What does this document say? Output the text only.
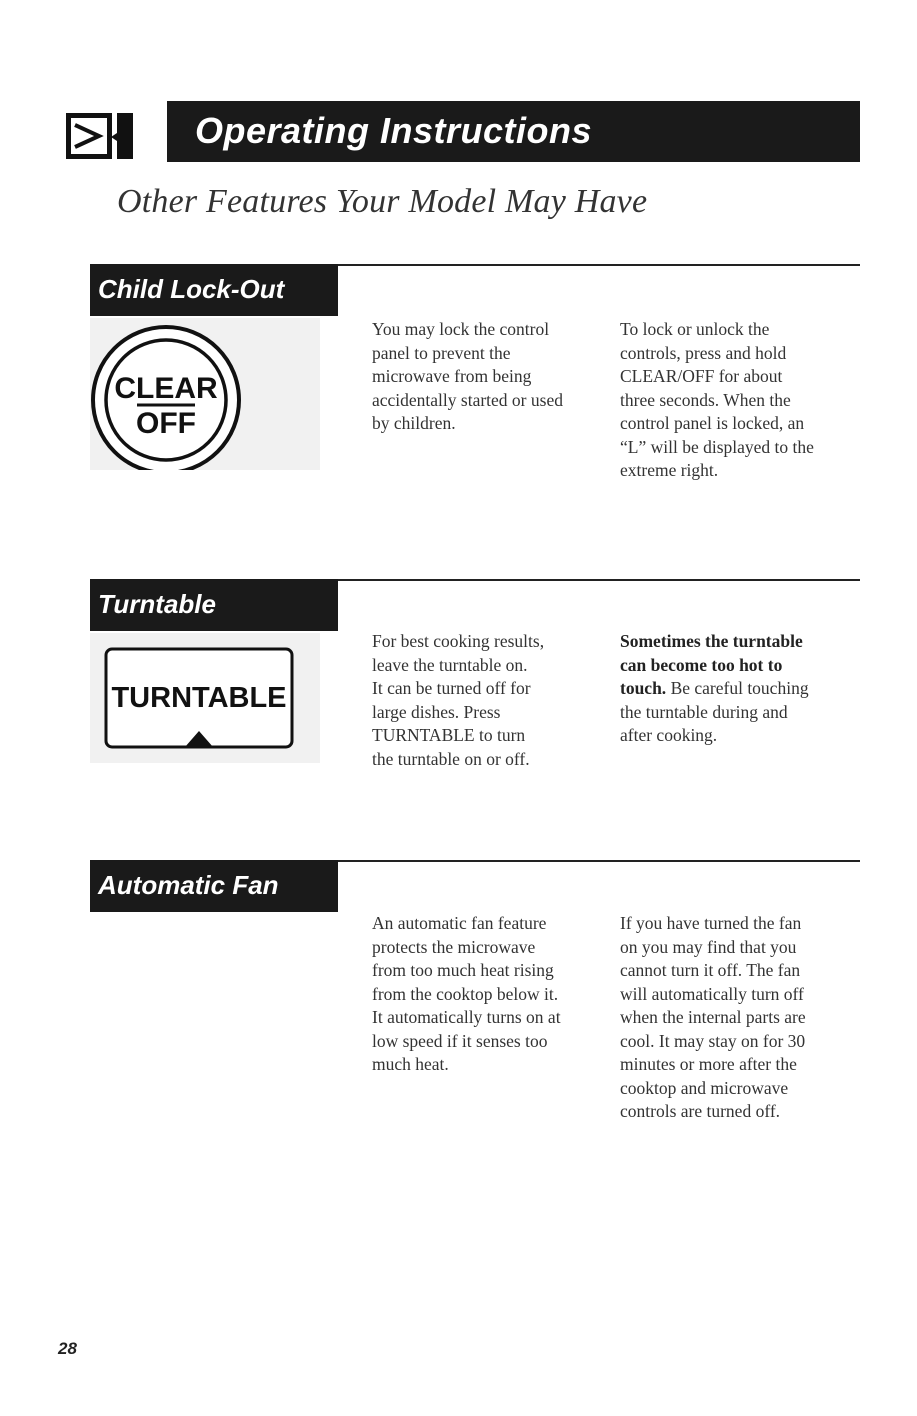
Operating Instructions
Other Features Your Model May Have
Child Lock-Out
CLEAR
OFF
You may lock the control
panel to prevent the
microwave from being
accidentally started or used
by children.
To lock or unlock the
controls, press and hold
CLEAR/OFF for about
three seconds. When the
control panel is locked, an
“L” will be displayed to the
extreme right.
Turntable
TURNTABLE
For best cooking results,
leave the turntable on.
It can be turned off for
large dishes. Press
TURNTABLE to turn
the turntable on or off.
Sometimes the turntable
can become too hot to
touch. Be careful touching
the turntable during and
after cooking.
Automatic Fan
An automatic fan feature
protects the microwave
from too much heat rising
from the cooktop below it.
It automatically turns on at
low speed if it senses too
much heat.
If you have turned the fan
on you may find that you
cannot turn it off. The fan
will automatically turn off
when the internal parts are
cool. It may stay on for 30
minutes or more after the
cooktop and microwave
controls are turned off.
28
